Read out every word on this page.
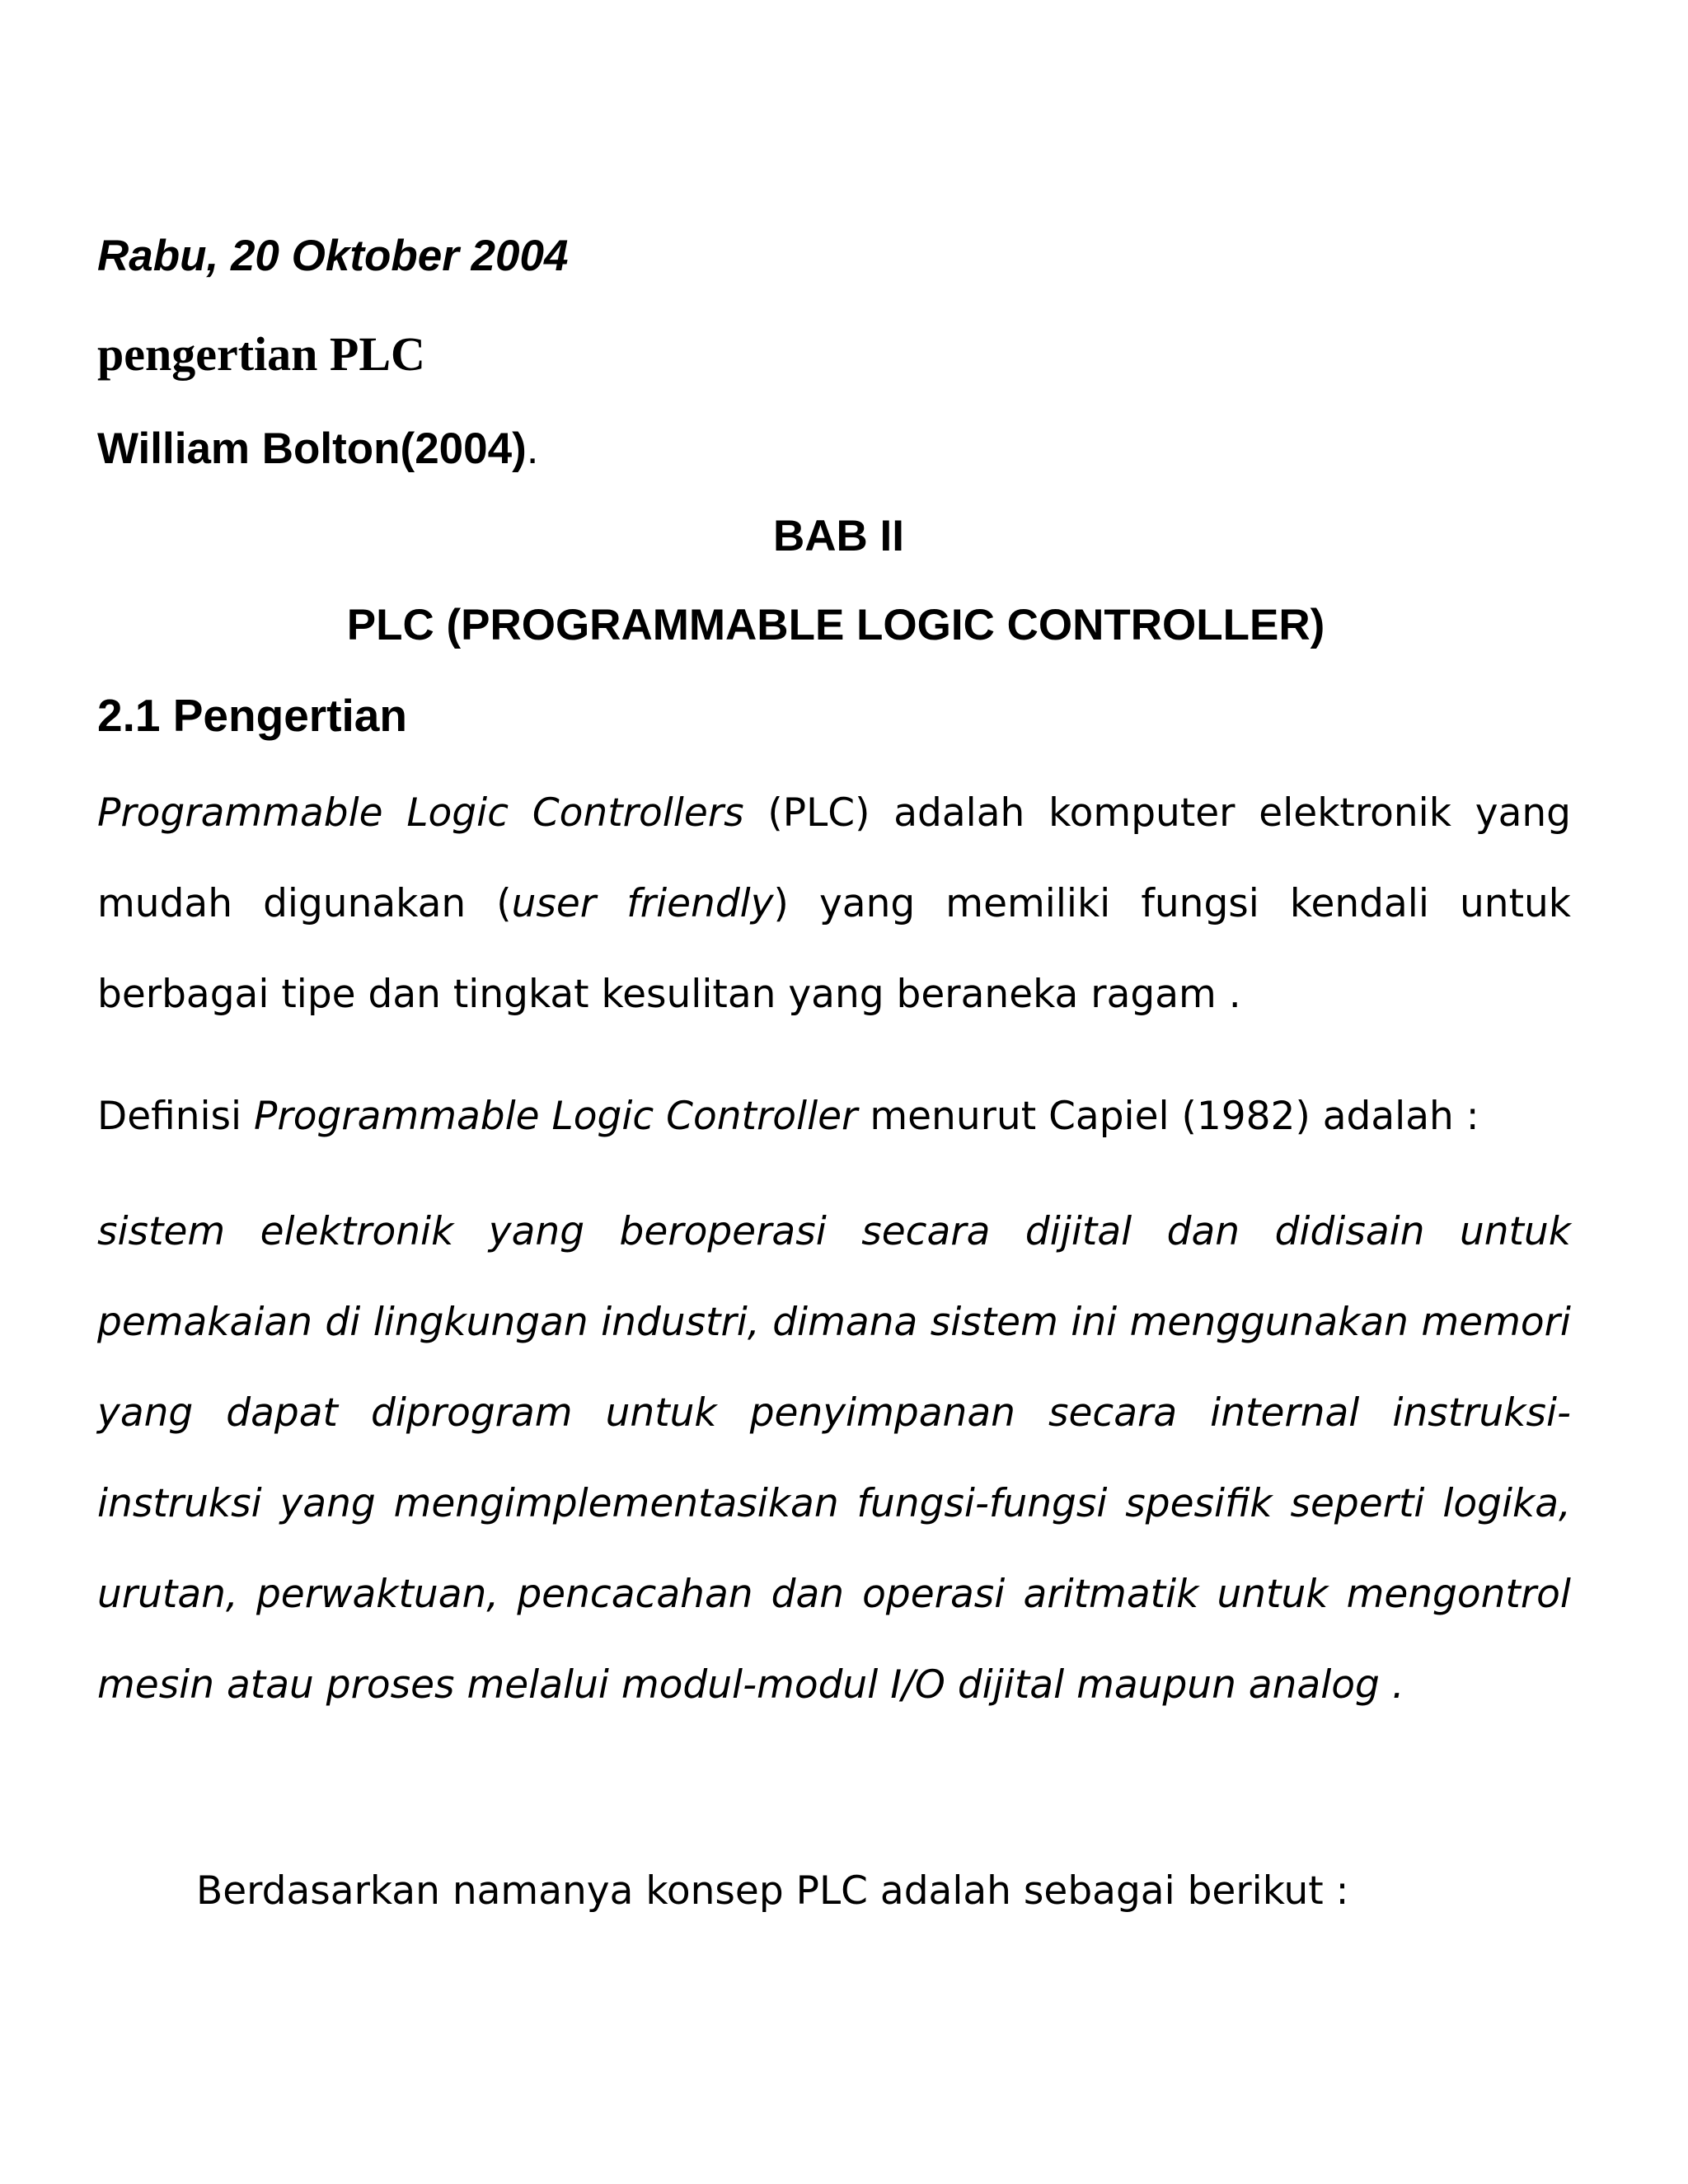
Rabu, 20 Oktober 2004

pengertian PLC

William Bolton(2004).

BAB II

PLC (PROGRAMMABLE LOGIC CONTROLLER)

2.1 Pengertian

Programmable Logic Controllers (PLC) adalah komputer elektronik yang mudah digunakan (user friendly) yang memiliki fungsi kendali untuk berbagai tipe dan tingkat kesulitan yang beraneka ragam .

Definisi Programmable Logic Controller menurut Capiel (1982) adalah :

sistem elektronik yang beroperasi secara dijital dan didisain untuk pemakaian di lingkungan industri, dimana sistem ini menggunakan memori yang dapat diprogram untuk penyimpanan secara internal instruksi-instruksi yang mengimplementasikan fungsi-fungsi spesifik seperti logika, urutan, perwaktuan, pencacahan dan operasi aritmatik untuk mengontrol mesin atau proses melalui modul-modul I/O dijital maupun analog .

Berdasarkan namanya konsep PLC adalah sebagai berikut :
